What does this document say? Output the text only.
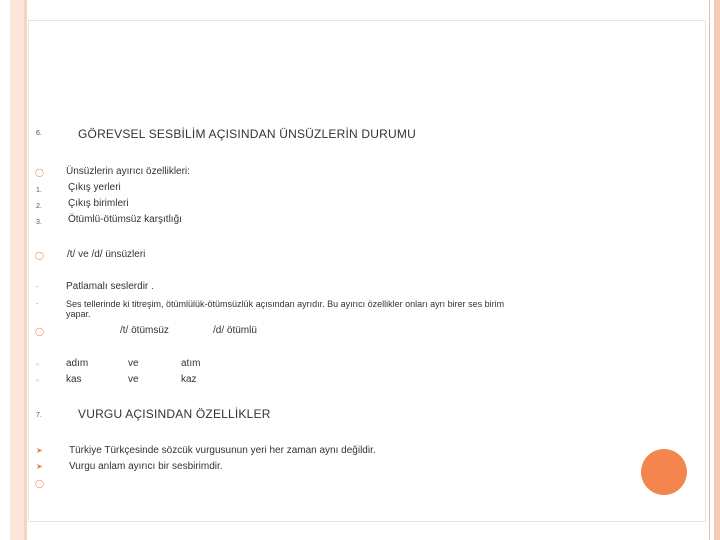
6.	GÖREVSEL SESBİLİM AÇISINDAN ÜNSÜZLERİN DURUMU
◯ Ünsüzlerin ayırıcı özellikleri:
1.	Çıkış yerleri
2.	Çıkış birimleri
3.	Ötümlü-ötümsüz karşıtlığı
◯ /t/ ve /d/ ünsüzleri
-	Patlamalı seslerdir .
-	Ses tellerinde ki titreşim, ötümlülük-ötümsüzlük açısından ayrıdır. Bu ayırıcı özellikler onları ayrı birer ses birim
yapar.
◯	/t/ ötümsüz	/d/ ötümlü
▫	adım	ve	atım
▫	kas	ve	kaz
7.	VURGU AÇISINDAN ÖZELLİKLER
➤	Türkiye Türkçesinde sözcük vurgusunun yeri her zaman aynı değildir.
➤	Vurgu anlam ayırıcı bir sesbirimdir.
◯
